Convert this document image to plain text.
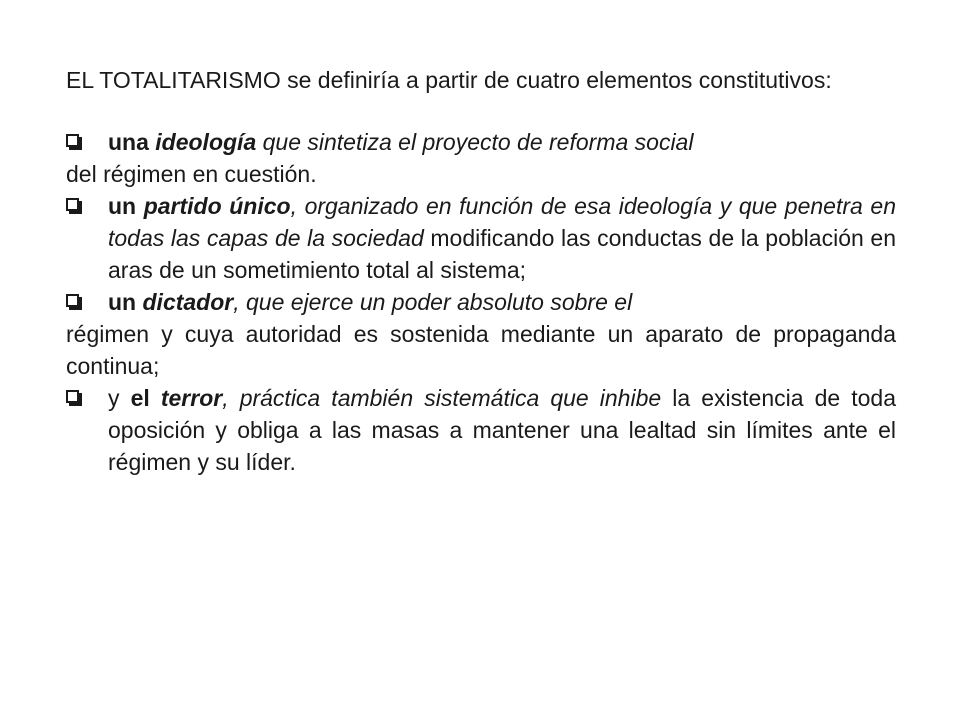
EL TOTALITARISMO se definiría a partir de cuatro elementos constitutivos:

una ideología que sintetiza el proyecto de reforma social

del régimen en cuestión.

un partido único, organizado en función de esa ideología y que penetra en todas las capas de la sociedad modificando las conductas de la población en aras de un sometimiento total al sistema;

un dictador, que ejerce un poder absoluto sobre el

régimen y cuya autoridad es sostenida mediante un aparato de propaganda continua;

y el terror, práctica también sistemática que inhibe la existencia de toda oposición y obliga a las masas a mantener una lealtad sin límites ante el régimen y su líder.
